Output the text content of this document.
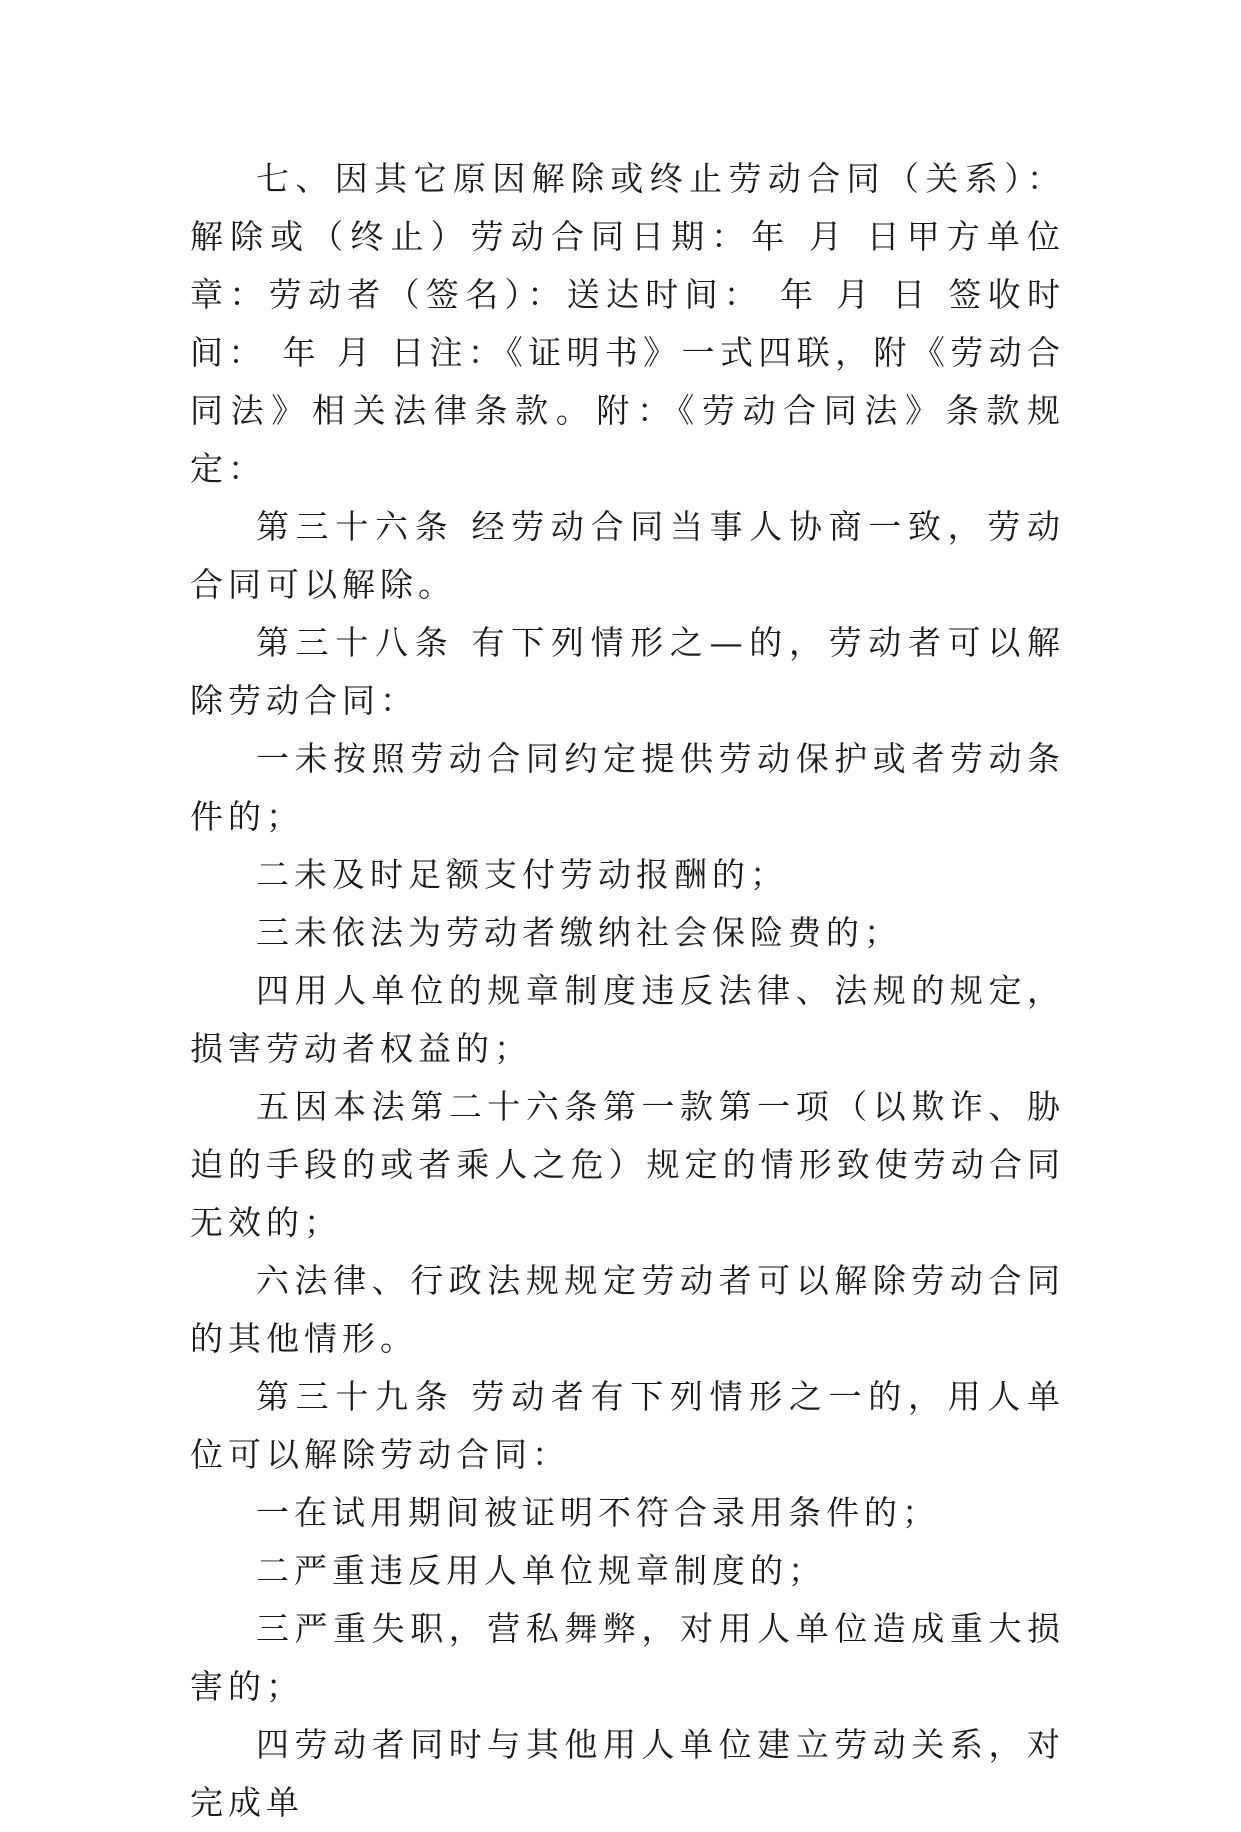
七、因其它原因解除或终止劳动合同（关系）：解除或（终止）劳动合同日期：年 月 日甲方单位章：劳动者（签名）：送达时间： 年 月 日 签收时间： 年 月 日注：《证明书》一式四联，附《劳动合同法》相关法律条款。附：《劳动合同法》条款规定：

第三十六条 经劳动合同当事人协商一致，劳动合同可以解除。

第三十八条 有下列情形之—的，劳动者可以解除劳动合同：

一未按照劳动合同约定提供劳动保护或者劳动条件的；

二未及时足额支付劳动报酬的；

三未依法为劳动者缴纳社会保险费的；

四用人单位的规章制度违反法律、法规的规定，损害劳动者权益的；

五因本法第二十六条第一款第一项（以欺诈、胁迫的手段的或者乘人之危）规定的情形致使劳动合同无效的；

六法律、行政法规规定劳动者可以解除劳动合同的其他情形。

第三十九条 劳动者有下列情形之一的，用人单位可以解除劳动合同：

一在试用期间被证明不符合录用条件的；

二严重违反用人单位规章制度的；

三严重失职，营私舞弊，对用人单位造成重大损害的；

四劳动者同时与其他用人单位建立劳动关系，对完成单
